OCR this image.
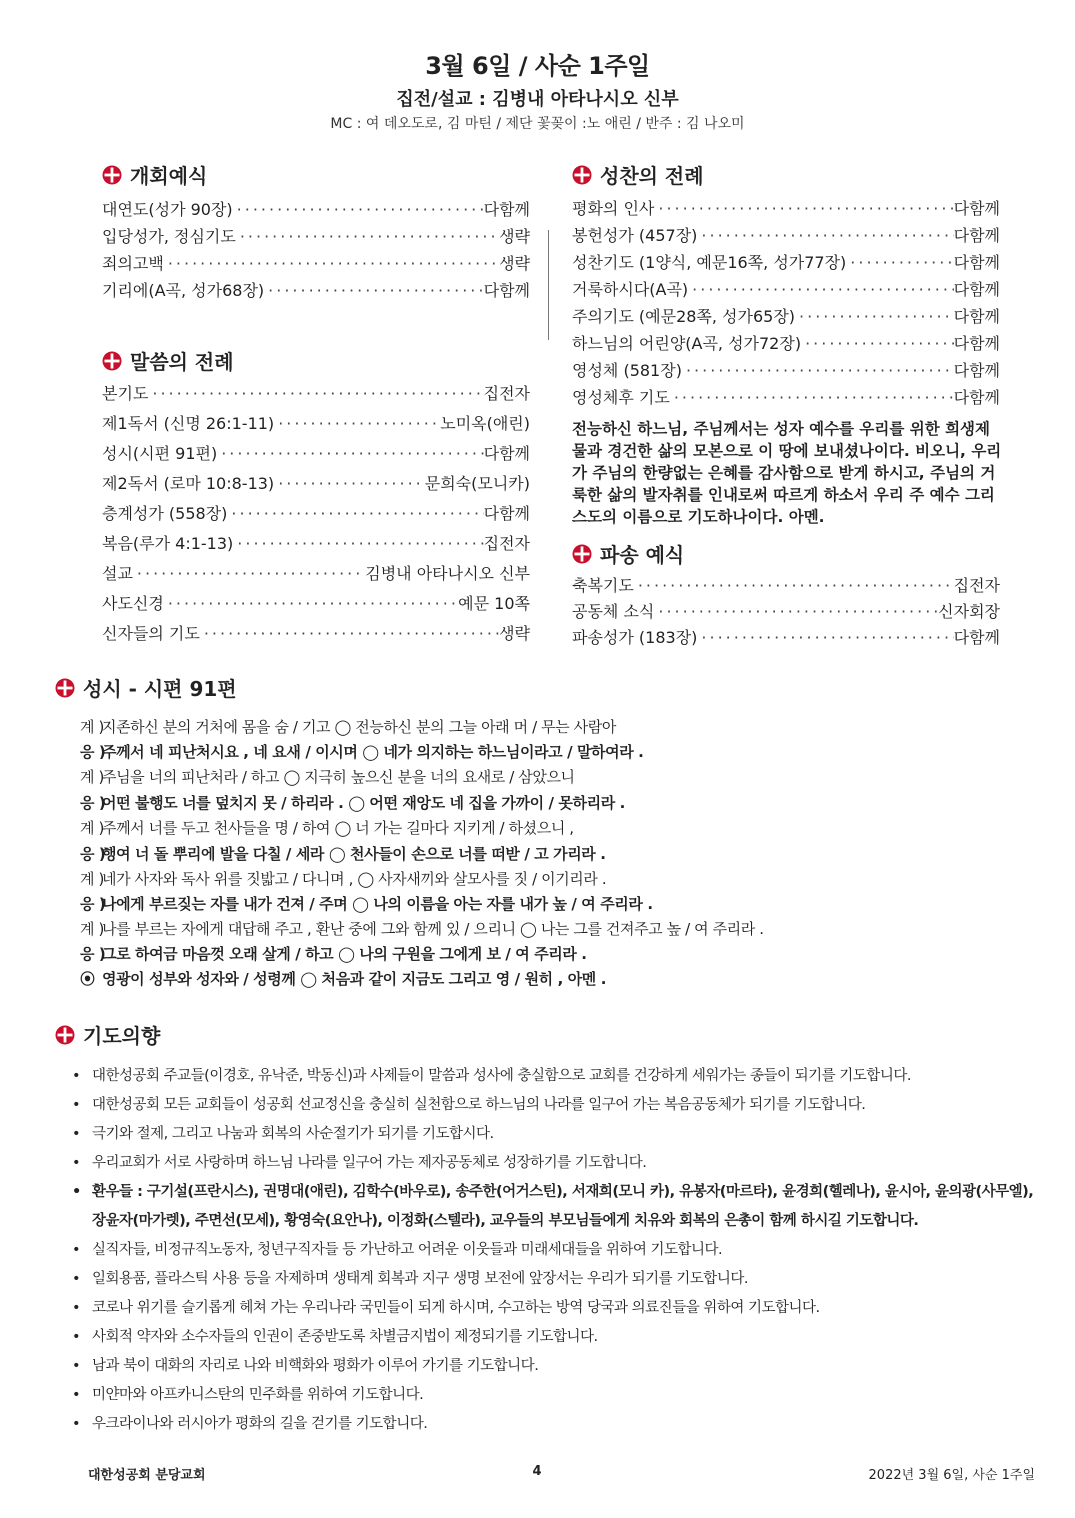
3월 6일 / 사순 1주일
집전/설교 : 김병내 아타나시오 신부
MC : 여 데오도로, 김 마틴 / 제단 꽃꽂이 :노 애린 / 반주 : 김 나오미
개회예식
대연도(성가 90장) ·····	다함께
입당성가, 정심기도 ·····	생략
죄의고백 ·····	생략
기리에(A곡, 성가68장) ·····	다함께
말씀의 전례
본기도 ·····	집전자
제1독서 (신명 26:1-11) ·····	노미옥(애린)
성시(시편 91편) ·····	다함께
제2독서 (로마 10:8-13) ·····	문희숙(모니카)
층계성가 (558장) ·····	다함께
복음(루가 4:1-13) ·····	집전자
설교 ·····	김병내 아타나시오 신부
사도신경 ·····	예문 10쪽
신자들의 기도 ·····	생략
성찬의 전례
평화의 인사 ·····	다함께
봉헌성가 (457장) ·····	다함께
성찬기도 (1양식, 예문16쪽, 성가77장) ·····	다함께
거룩하시다(A곡) ·····	다함께
주의기도 (예문28쪽, 성가65장) ·····	다함께
하느님의 어린양(A곡, 성가72장) ·····	다함께
영성체 (581장) ·····	다함께
영성체후 기도 ·····	다함께
전능하신 하느님, 주님께서는 성자 예수를 우리를 위한 희생제물과 경건한 삶의 모본으로 이 땅에 보내셨나이다. 비오니, 우리가 주님의 한량없는 은혜를 감사함으로 받게 하시고, 주님의 거룩한 삶의 발자취를 인내로써 따르게 하소서 우리 주 예수 그리스도의 이름으로 기도하나이다. 아멘.
파송 예식
축복기도 ·····	집전자
공동체 소식 ·····	신자회장
파송성가 (183장) ·····	다함께
성시 - 시편 91편
계 )지존하신 분의 거처에 몸을 숨 / 기고 ◯ 전능하신 분의 그늘 아래 머 / 무는 사람아
응 )주께서 네 피난처시요 , 네 요새 / 이시며 ◯ 네가 의지하는 하느님이라고 / 말하여라 .
계 )주님을 너의 피난처라 / 하고 ◯ 지극히 높으신 분을 너의 요새로 / 삼았으니
응 )어떤 불행도 너를 덮치지 못 / 하리라 . ◯ 어떤 재앙도 네 집을 가까이 / 못하리라 .
계 )주께서 너를 두고 천사들을 명 / 하여 ◯ 너 가는 길마다 지키게 / 하셨으니 ,
응 )행여 너 돌 뿌리에 발을 다칠 / 세라 ◯ 천사들이 손으로 너를 떠받 / 고 가리라 .
계 )네가 사자와 독사 위를 짓밟고 / 다니며 , ◯ 사자새끼와 살모사를 짓 / 이기리라 .
응 )나에게 부르짖는 자를 내가 건져 / 주며 ◯ 나의 이름을 아는 자를 내가 높 / 여 주리라 .
계 )나를 부르는 자에게 대답해 주고 , 환난 중에 그와 함께 있 / 으리니 ◯ 나는 그를 건져주고 높 / 여 주리라 .
응 )그로 하여금 마음껏 오래 살게 / 하고 ◯ 나의 구원을 그에게 보 / 여 주리라 .
⦿ 영광이 성부와 성자와 / 성령께 ◯ 처음과 같이 지금도 그리고 영 / 원히 , 아멘 .
기도의향
• 대한성공회 주교들(이경호, 유낙준, 박동신)과 사제들이 말씀과 성사에 충실함으로 교회를 건강하게 세워가는 종들이 되기를 기도합니다.
• 대한성공회 모든 교회들이 성공회 선교정신을 충실히 실천함으로 하느님의 나라를 일구어 가는 복음공동체가 되기를 기도합니다.
• 극기와 절제, 그리고 나눔과 회복의 사순절기가 되기를 기도합시다.
• 우리교회가 서로 사랑하며 하느님 나라를 일구어 가는 제자공동체로 성장하기를 기도합니다.
• 환우들 : 구기설(프란시스), 권명대(애린), 김학수(바우로), 송주한(어거스틴), 서재희(모니 카), 유봉자(마르타), 윤경희(헬레나), 윤시아, 윤의광(사무엘),
장윤자(마가렛), 주면선(모세), 황영숙(요안나), 이정화(스텔라), 교우들의 부모님들에게 치유와 회복의 은총이 함께 하시길 기도합니다.
• 실직자들, 비정규직노동자, 청년구직자들 등 가난하고 어려운 이웃들과 미래세대들을 위하여 기도합니다.
• 일회용품, 플라스틱 사용 등을 자제하며 생태계 회복과 지구 생명 보전에 앞장서는 우리가 되기를 기도합니다.
• 코로나 위기를 슬기롭게 헤쳐 가는 우리나라 국민들이 되게 하시며, 수고하는 방역 당국과 의료진들을 위하여 기도합니다.
• 사회적 약자와 소수자들의 인권이 존중받도록 차별금지법이 제정되기를 기도합니다.
• 남과 북이 대화의 자리로 나와 비핵화와 평화가 이루어 가기를 기도합니다.
• 미얀마와 아프카니스탄의 민주화를 위하여 기도합니다.
• 우크라이나와 러시아가 평화의 길을 걷기를 기도합니다.
대한성공회 분당교회	4	2022년 3월 6일, 사순 1주일
